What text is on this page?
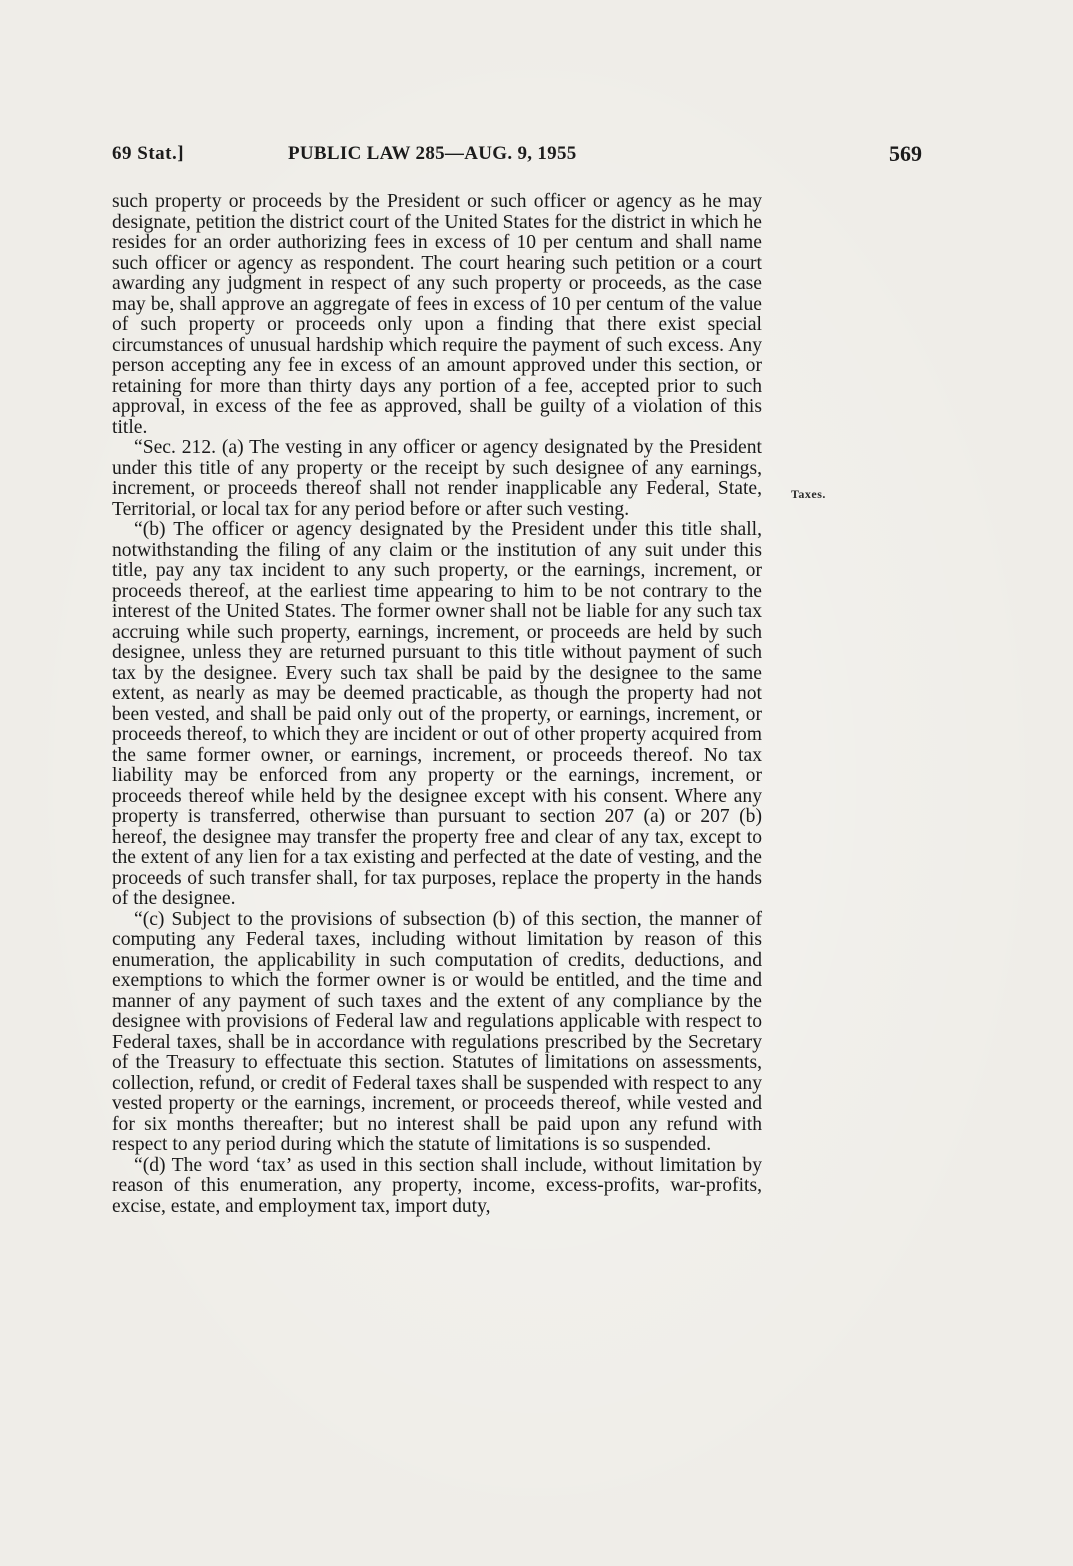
69 Stat.]	PUBLIC LAW 285—AUG. 9, 1955	569

such property or proceeds by the President or such officer or agency as he may designate, petition the district court of the United States for the district in which he resides for an order authorizing fees in excess of 10 per centum and shall name such officer or agency as respondent. The court hearing such petition or a court awarding any judgment in respect of any such property or proceeds, as the case may be, shall approve an aggregate of fees in excess of 10 per centum of the value of such property or proceeds only upon a finding that there exist special circumstances of unusual hardship which require the payment of such excess. Any person accepting any fee in excess of an amount approved under this section, or retaining for more than thirty days any portion of a fee, accepted prior to such approval, in excess of the fee as approved, shall be guilty of a violation of this title.

“Sec. 212. (a) The vesting in any officer or agency designated by the President under this title of any property or the receipt by such designee of any earnings, increment, or proceeds thereof shall not render inapplicable any Federal, State, Territorial, or local tax for any period before or after such vesting.

“(b) The officer or agency designated by the President under this title shall, notwithstanding the filing of any claim or the institution of any suit under this title, pay any tax incident to any such property, or the earnings, increment, or proceeds thereof, at the earliest time appearing to him to be not contrary to the interest of the United States. The former owner shall not be liable for any such tax accruing while such property, earnings, increment, or proceeds are held by such designee, unless they are returned pursuant to this title without payment of such tax by the designee. Every such tax shall be paid by the designee to the same extent, as nearly as may be deemed practicable, as though the property had not been vested, and shall be paid only out of the property, or earnings, increment, or proceeds thereof, to which they are incident or out of other property acquired from the same former owner, or earnings, increment, or proceeds thereof. No tax liability may be enforced from any property or the earnings, increment, or proceeds thereof while held by the designee except with his consent. Where any property is transferred, otherwise than pursuant to section 207 (a) or 207 (b) hereof, the designee may transfer the property free and clear of any tax, except to the extent of any lien for a tax existing and perfected at the date of vesting, and the proceeds of such transfer shall, for tax purposes, replace the property in the hands of the designee.

“(c) Subject to the provisions of subsection (b) of this section, the manner of computing any Federal taxes, including without limitation by reason of this enumeration, the applicability in such computation of credits, deductions, and exemptions to which the former owner is or would be entitled, and the time and manner of any payment of such taxes and the extent of any compliance by the designee with provisions of Federal law and regulations applicable with respect to Federal taxes, shall be in accordance with regulations prescribed by the Secretary of the Treasury to effectuate this section. Statutes of limitations on assessments, collection, refund, or credit of Federal taxes shall be suspended with respect to any vested property or the earnings, increment, or proceeds thereof, while vested and for six months thereafter; but no interest shall be paid upon any refund with respect to any period during which the statute of limitations is so suspended.

“(d) The word ‘tax’ as used in this section shall include, without limitation by reason of this enumeration, any property, income, excess-profits, war-profits, excise, estate, and employment tax, import duty,

Taxes.
